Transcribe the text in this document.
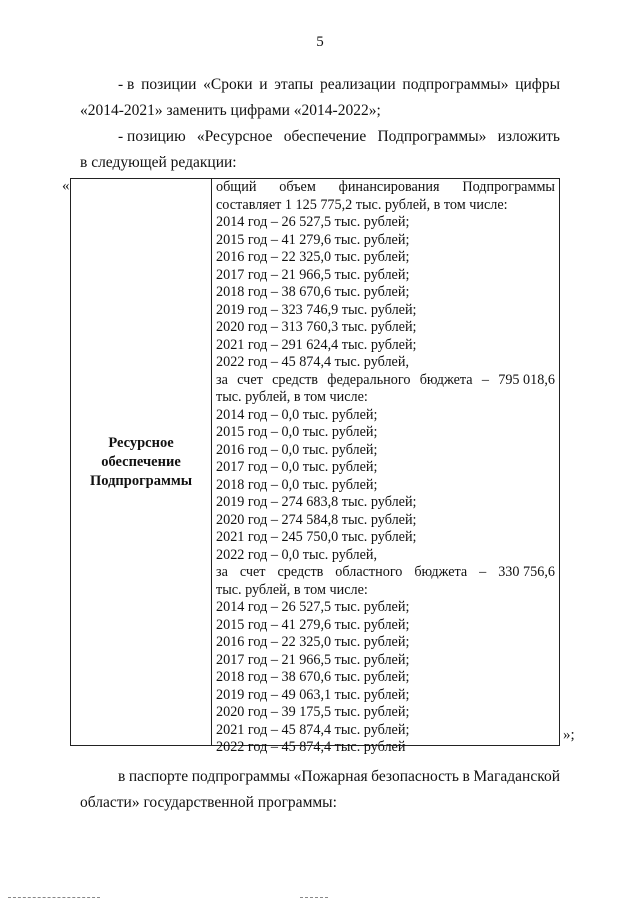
5
- в позиции «Сроки и этапы реализации подпрограммы» цифры
«2014-2021» заменить цифрами «2014-2022»;
- позицию «Ресурсное обеспечение Подпрограммы» изложить
в следующей редакции:
«
Ресурсное
обеспечение
Подпрограммы
общий объем финансирования Подпрограммы
составляет 1 125 775,2 тыс. рублей, в том числе:
2014 год – 26 527,5 тыс. рублей;
2015 год – 41 279,6 тыс. рублей;
2016 год – 22 325,0 тыс. рублей;
2017 год – 21 966,5 тыс. рублей;
2018 год – 38 670,6 тыс. рублей;
2019 год – 323 746,9 тыс. рублей;
2020 год – 313 760,3 тыс. рублей;
2021 год – 291 624,4 тыс. рублей;
2022 год – 45 874,4 тыс. рублей,
за счет средств федерального бюджета – 795 018,6
тыс. рублей, в том числе:
2014 год – 0,0 тыс. рублей;
2015 год – 0,0 тыс. рублей;
2016 год – 0,0 тыс. рублей;
2017 год – 0,0 тыс. рублей;
2018 год – 0,0 тыс. рублей;
2019 год – 274 683,8 тыс. рублей;
2020 год – 274 584,8 тыс. рублей;
2021 год – 245 750,0 тыс. рублей;
2022 год – 0,0 тыс. рублей,
за счет средств областного бюджета – 330 756,6
тыс. рублей, в том числе:
2014 год – 26 527,5 тыс. рублей;
2015 год – 41 279,6 тыс. рублей;
2016 год – 22 325,0 тыс. рублей;
2017 год – 21 966,5 тыс. рублей;
2018 год – 38 670,6 тыс. рублей;
2019 год – 49 063,1 тыс. рублей;
2020 год – 39 175,5 тыс. рублей;
2021 год – 45 874,4 тыс. рублей;
2022 год – 45 874,4 тыс. рублей
»;
в паспорте подпрограммы «Пожарная безопасность в Магаданской
области» государственной программы:
